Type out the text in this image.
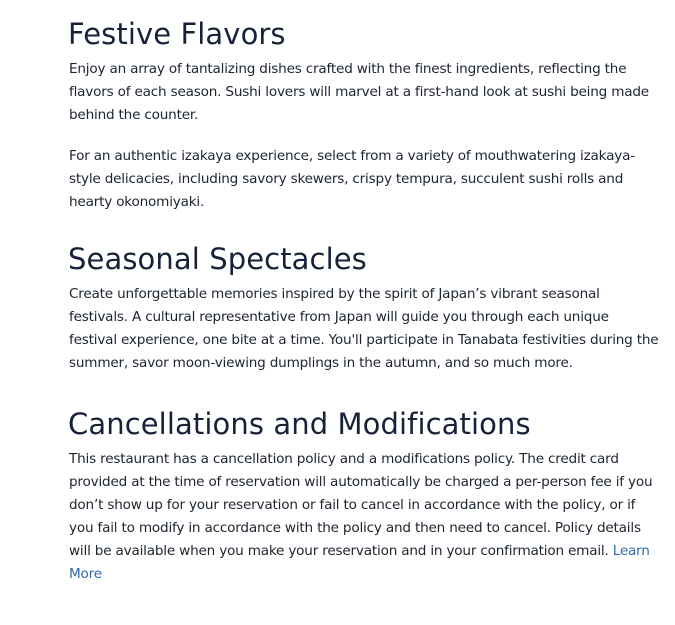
Festive Flavors

Enjoy an array of tantalizing dishes crafted with the finest ingredients, reflecting the flavors of each season. Sushi lovers will marvel at a first-hand look at sushi being made behind the counter.

For an authentic izakaya experience, select from a variety of mouthwatering izakaya-style delicacies, including savory skewers, crispy tempura, succulent sushi rolls and hearty okonomiyaki.

Seasonal Spectacles

Create unforgettable memories inspired by the spirit of Japan’s vibrant seasonal festivals. A cultural representative from Japan will guide you through each unique festival experience, one bite at a time. You'll participate in Tanabata festivities during the summer, savor moon-viewing dumplings in the autumn, and so much more.

Cancellations and Modifications

This restaurant has a cancellation policy and a modifications policy. The credit card provided at the time of reservation will automatically be charged a per-person fee if you don’t show up for your reservation or fail to cancel in accordance with the policy, or if you fail to modify in accordance with the policy and then need to cancel. Policy details will be available when you make your reservation and in your confirmation email. Learn More
